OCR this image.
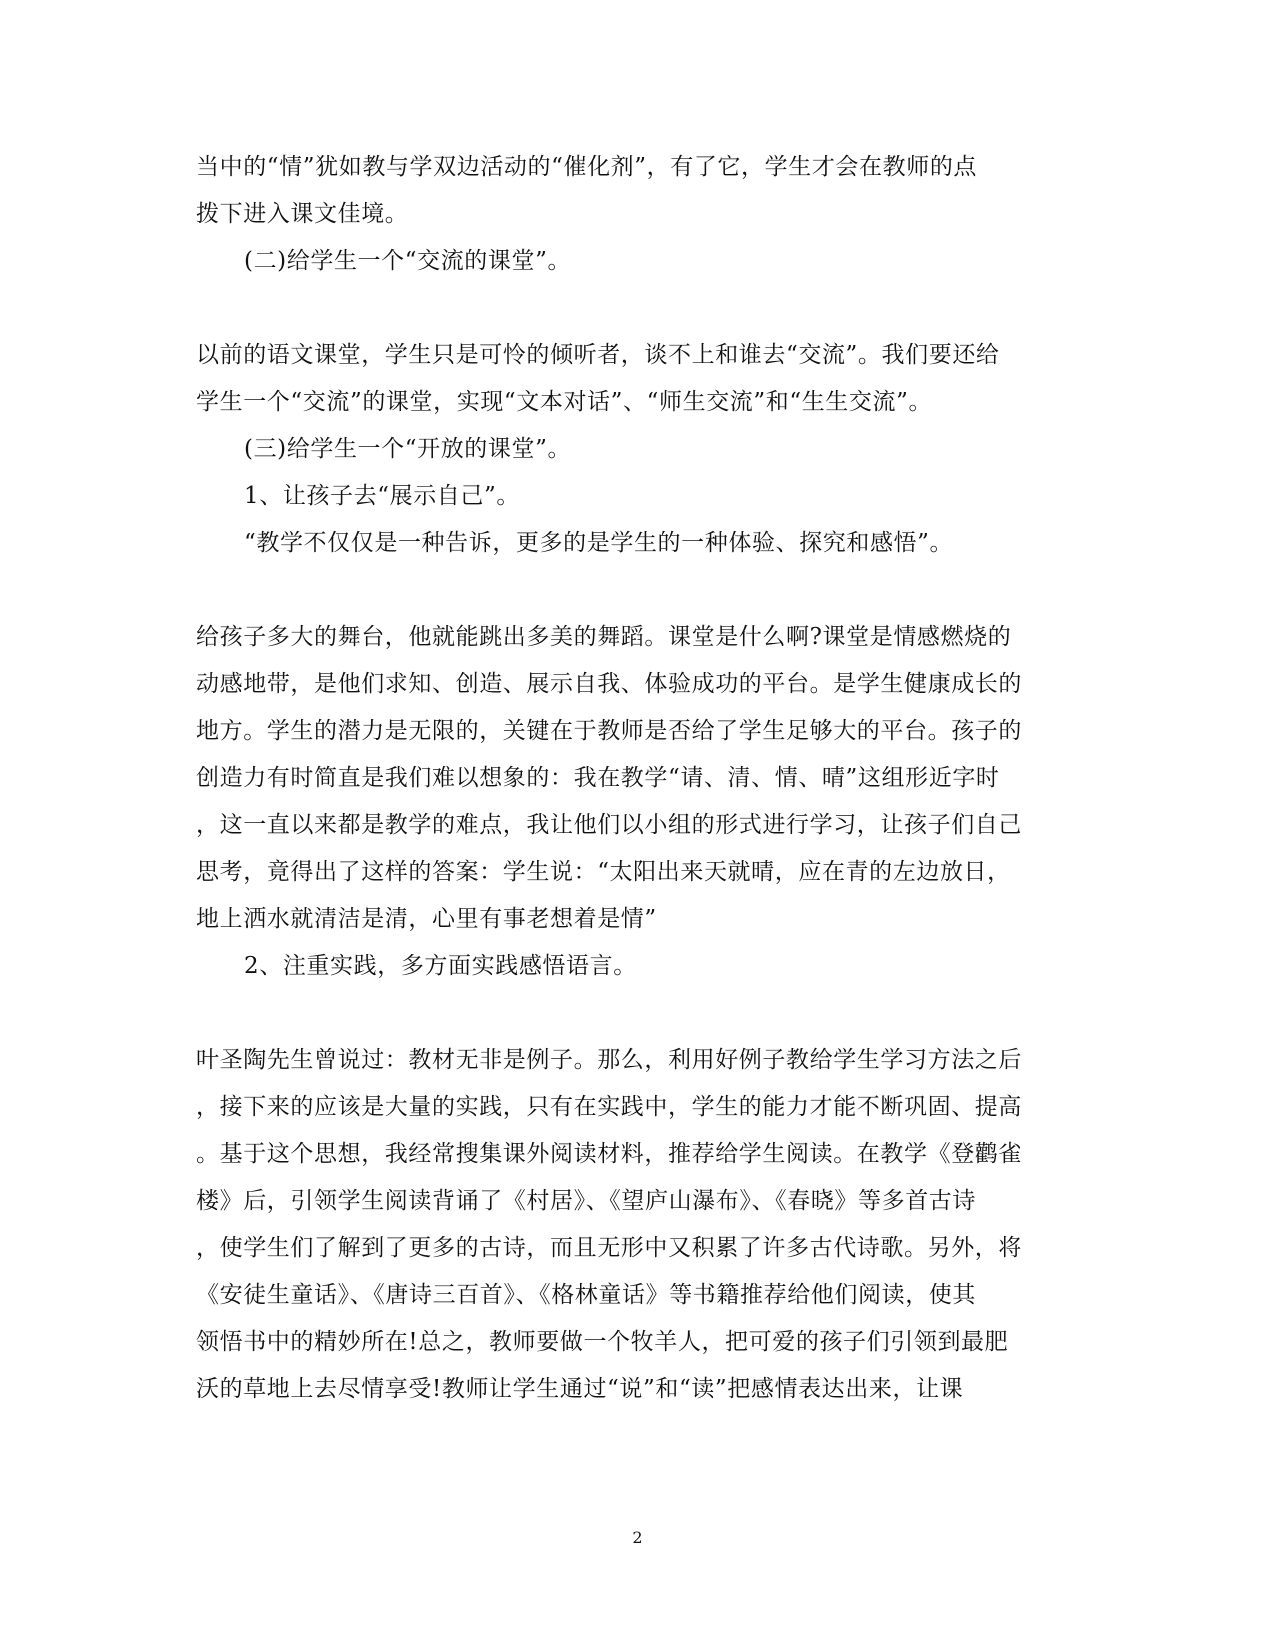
当中的“情”犹如教与学双边活动的“催化剂”，有了它，学生才会在教师的点
拨下进入课文佳境。
(二)给学生一个“交流的课堂”。
以前的语文课堂，学生只是可怜的倾听者，谈不上和谁去“交流”。我们要还给
学生一个“交流”的课堂，实现“文本对话”、“师生交流”和“生生交流”。
(三)给学生一个“开放的课堂”。
1、让孩子去“展示自己”。
“教学不仅仅是一种告诉，更多的是学生的一种体验、探究和感悟”。
给孩子多大的舞台，他就能跳出多美的舞蹈。课堂是什么啊?课堂是情感燃烧的
动感地带，是他们求知、创造、展示自我、体验成功的平台。是学生健康成长的
地方。学生的潜力是无限的，关键在于教师是否给了学生足够大的平台。孩子的
创造力有时简直是我们难以想象的：我在教学“请、清、情、晴”这组形近字时
，这一直以来都是教学的难点，我让他们以小组的形式进行学习，让孩子们自己
思考，竟得出了这样的答案：学生说：“太阳出来天就晴，应在青的左边放日，
地上洒水就清洁是清，心里有事老想着是情”
2、注重实践，多方面实践感悟语言。
叶圣陶先生曾说过：教材无非是例子。那么，利用好例子教给学生学习方法之后
，接下来的应该是大量的实践，只有在实践中，学生的能力才能不断巩固、提高
。基于这个思想，我经常搜集课外阅读材料，推荐给学生阅读。在教学《登鹳雀
楼》后，引领学生阅读背诵了《村居》、《望庐山瀑布》、《春晓》等多首古诗
，使学生们了解到了更多的古诗，而且无形中又积累了许多古代诗歌。另外，将
《安徒生童话》、《唐诗三百首》、《格林童话》等书籍推荐给他们阅读，使其
领悟书中的精妙所在!总之，教师要做一个牧羊人，把可爱的孩子们引领到最肥
沃的草地上去尽情享受!教师让学生通过“说”和“读”把感情表达出来，让课
2
